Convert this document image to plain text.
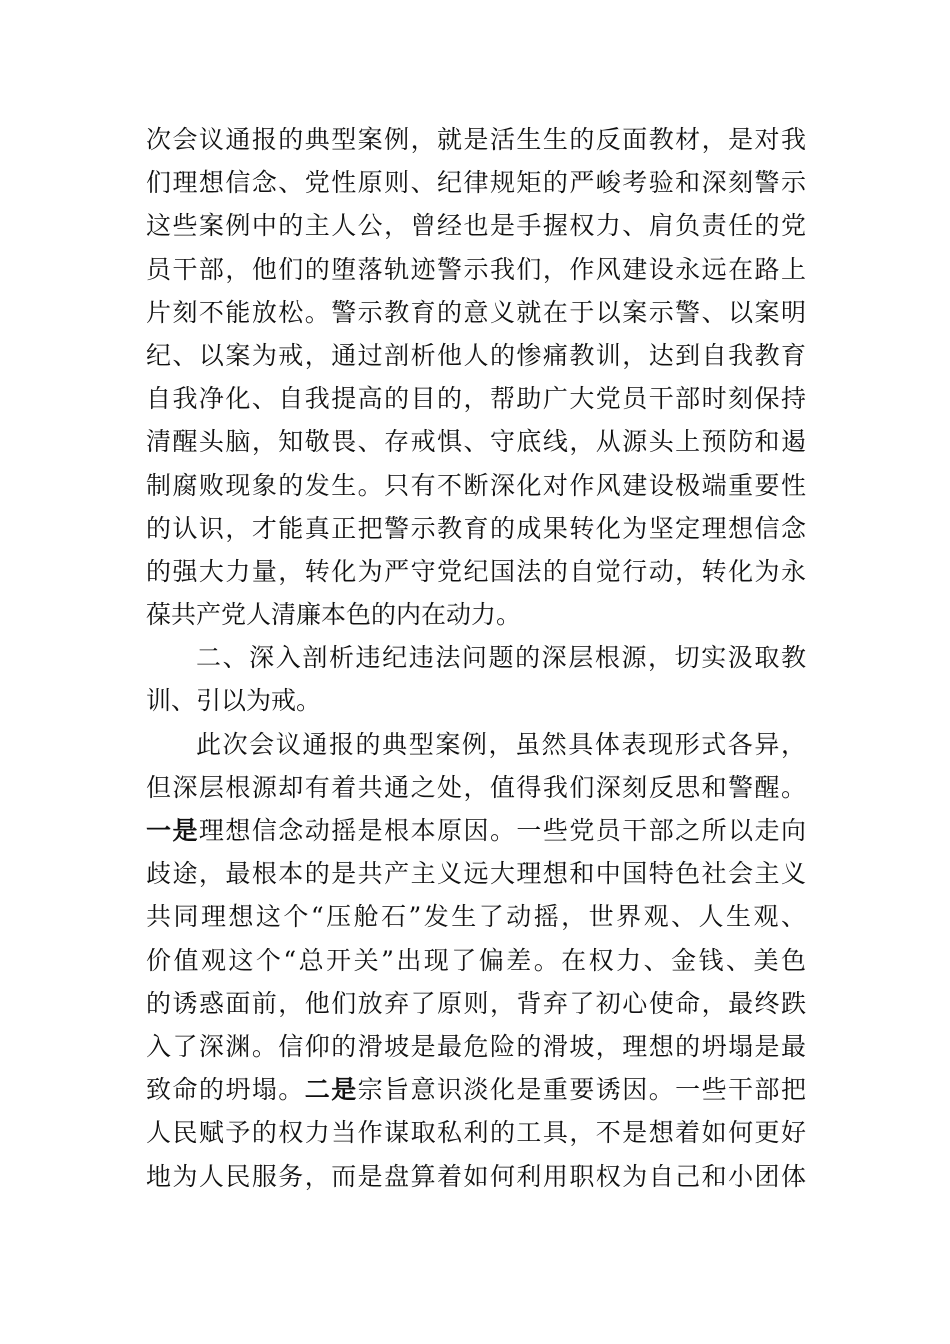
次会议通报的典型案例，就是活生生的反面教材，是对我
们理想信念、党性原则、纪律规矩的严峻考验和深刻警示
这些案例中的主人公，曾经也是手握权力、肩负责任的党
员干部，他们的堕落轨迹警示我们，作风建设永远在路上
片刻不能放松。警示教育的意义就在于以案示警、以案明
纪、以案为戒，通过剖析他人的惨痛教训，达到自我教育
自我净化、自我提高的目的，帮助广大党员干部时刻保持
清醒头脑，知敬畏、存戒惧、守底线，从源头上预防和遏
制腐败现象的发生。只有不断深化对作风建设极端重要性
的认识，才能真正把警示教育的成果转化为坚定理想信念
的强大力量，转化为严守党纪国法的自觉行动，转化为永
葆共产党人清廉本色的内在动力。
二、深入剖析违纪违法问题的深层根源，切实汲取教
训、引以为戒。
此次会议通报的典型案例，虽然具体表现形式各异，
但深层根源却有着共通之处，值得我们深刻反思和警醒。
一是理想信念动摇是根本原因。一些党员干部之所以走向
歧途，最根本的是共产主义远大理想和中国特色社会主义
共同理想这个“压舱石”发生了动摇，世界观、人生观、
价值观这个“总开关”出现了偏差。在权力、金钱、美色
的诱惑面前，他们放弃了原则，背弃了初心使命，最终跌
入了深渊。信仰的滑坡是最危险的滑坡，理想的坍塌是最
致命的坍塌。二是宗旨意识淡化是重要诱因。一些干部把
人民赋予的权力当作谋取私利的工具，不是想着如何更好
地为人民服务，而是盘算着如何利用职权为自己和小团体
